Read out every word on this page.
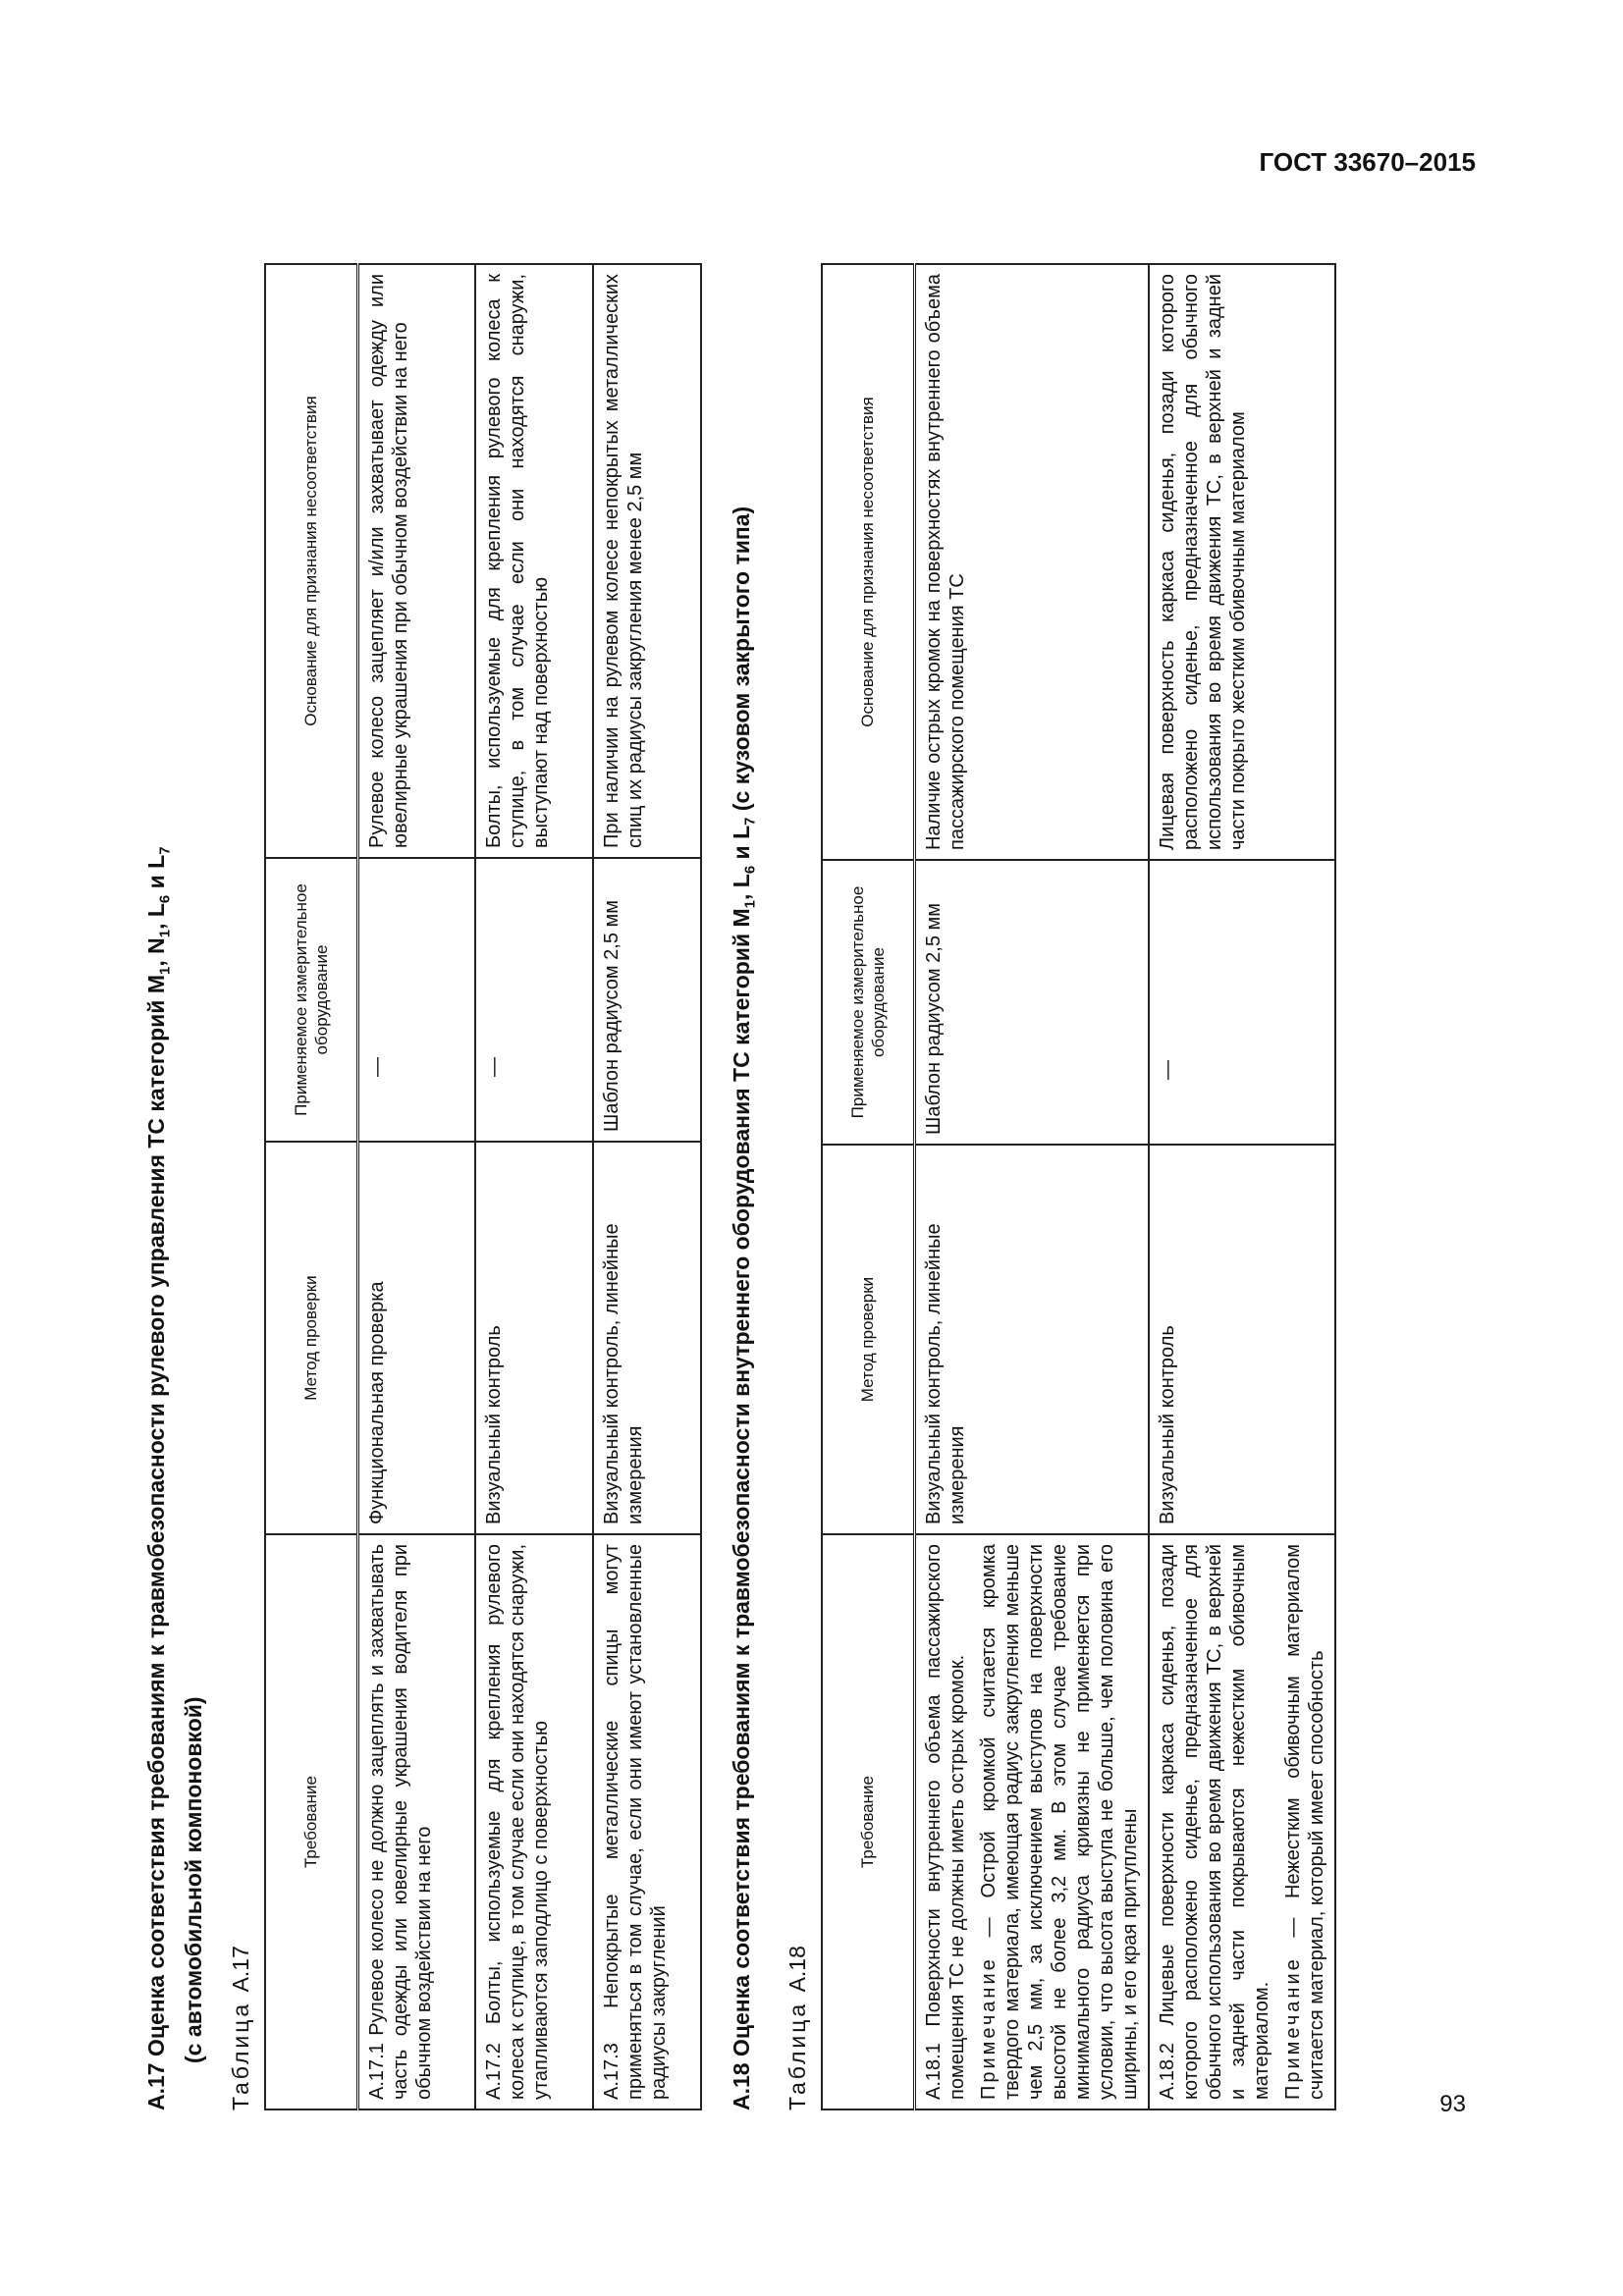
ГОСТ 33670–2015
93

А.17 Оценка соответствия требованиям к травмобезопасности рулевого управления ТС категорий $М_1$, $N_1$, $L_6$ и $L_7$

(с автомобильной компоновкой) Таблица А.17
Требование	Метод проверки	Применяемое измерительное оборудование	Основание для признания несоответствия
А.17.1 Рулевое колесо не должно зацеплять и захватывать часть одежды или ювелирные украшения водителя при обычном воздействии на него	Функциональная проверка	—	Рулевое колесо зацепляет и/или захватывает одежду или ювелирные украшения при обычном воздействии на него
А.17.2 Болты, используемые для крепления рулевого колеса к ступице, в том случае если они находятся снаружи, утапливаются заподлицо с поверхностью	Визуальный контроль	—	Болты, используемые для крепления рулевого колеса к ступице, в том случае если они находятся снаружи, выступают над поверхностью
А.17.3 Непокрытые металлические спицы могут применяться в том случае, если они имеют установленные радиусы закруглений	Визуальный контроль, линейные измерения	Шаблон радиусом 2,5 мм	При наличии на рулевом колесе непокрытых металлических спиц их радиусы закругления менее 2,5 мм

А.18 Оценка соответствия требованиям к травмобезопасности внутреннего оборудования ТС категорий $М_1$, $L_6$ и $L_7$ (с кузовом закрытого типа)

Таблица А.18
Требование	Метод проверки	Применяемое измерительное оборудование	Основание для признания несоответствия

А.18.1 Поверхности внутреннего объема пассажирского помещения ТС не должны иметь острых кромок. Примечание — Острой кромкой считается кромка твердого материала, имеющая радиус закругления меньше чем 2,5 мм, за исключением выступов на поверхности высотой не более 3,2 мм. В этом случае требование минимального радиуса кривизны не применяется при условии, что высота выступа не больше, чем половина его ширины, и его края притуплены	Визуальный контроль, линейные измерения	Шаблон радиусом 2,5 мм	Наличие острых кромок на поверхностях внутреннего объема пассажирского помещения ТС

А.18.2 Лицевые поверхности каркаса сиденья, позади которого расположено сиденье, предназначенное для обычного использования во время движения ТС, в верхней и задней части покрываются нежестким обивочным материалом. Примечание — Нежестким обивочным материалом считается материал, который имеет способность	Визуальный контроль	—	Лицевая поверхность каркаса сиденья, позади которого расположено сиденье, предназначенное для обычного использования во время движения ТС, в верхней и задней части покрыто жестким обивочным материалом
